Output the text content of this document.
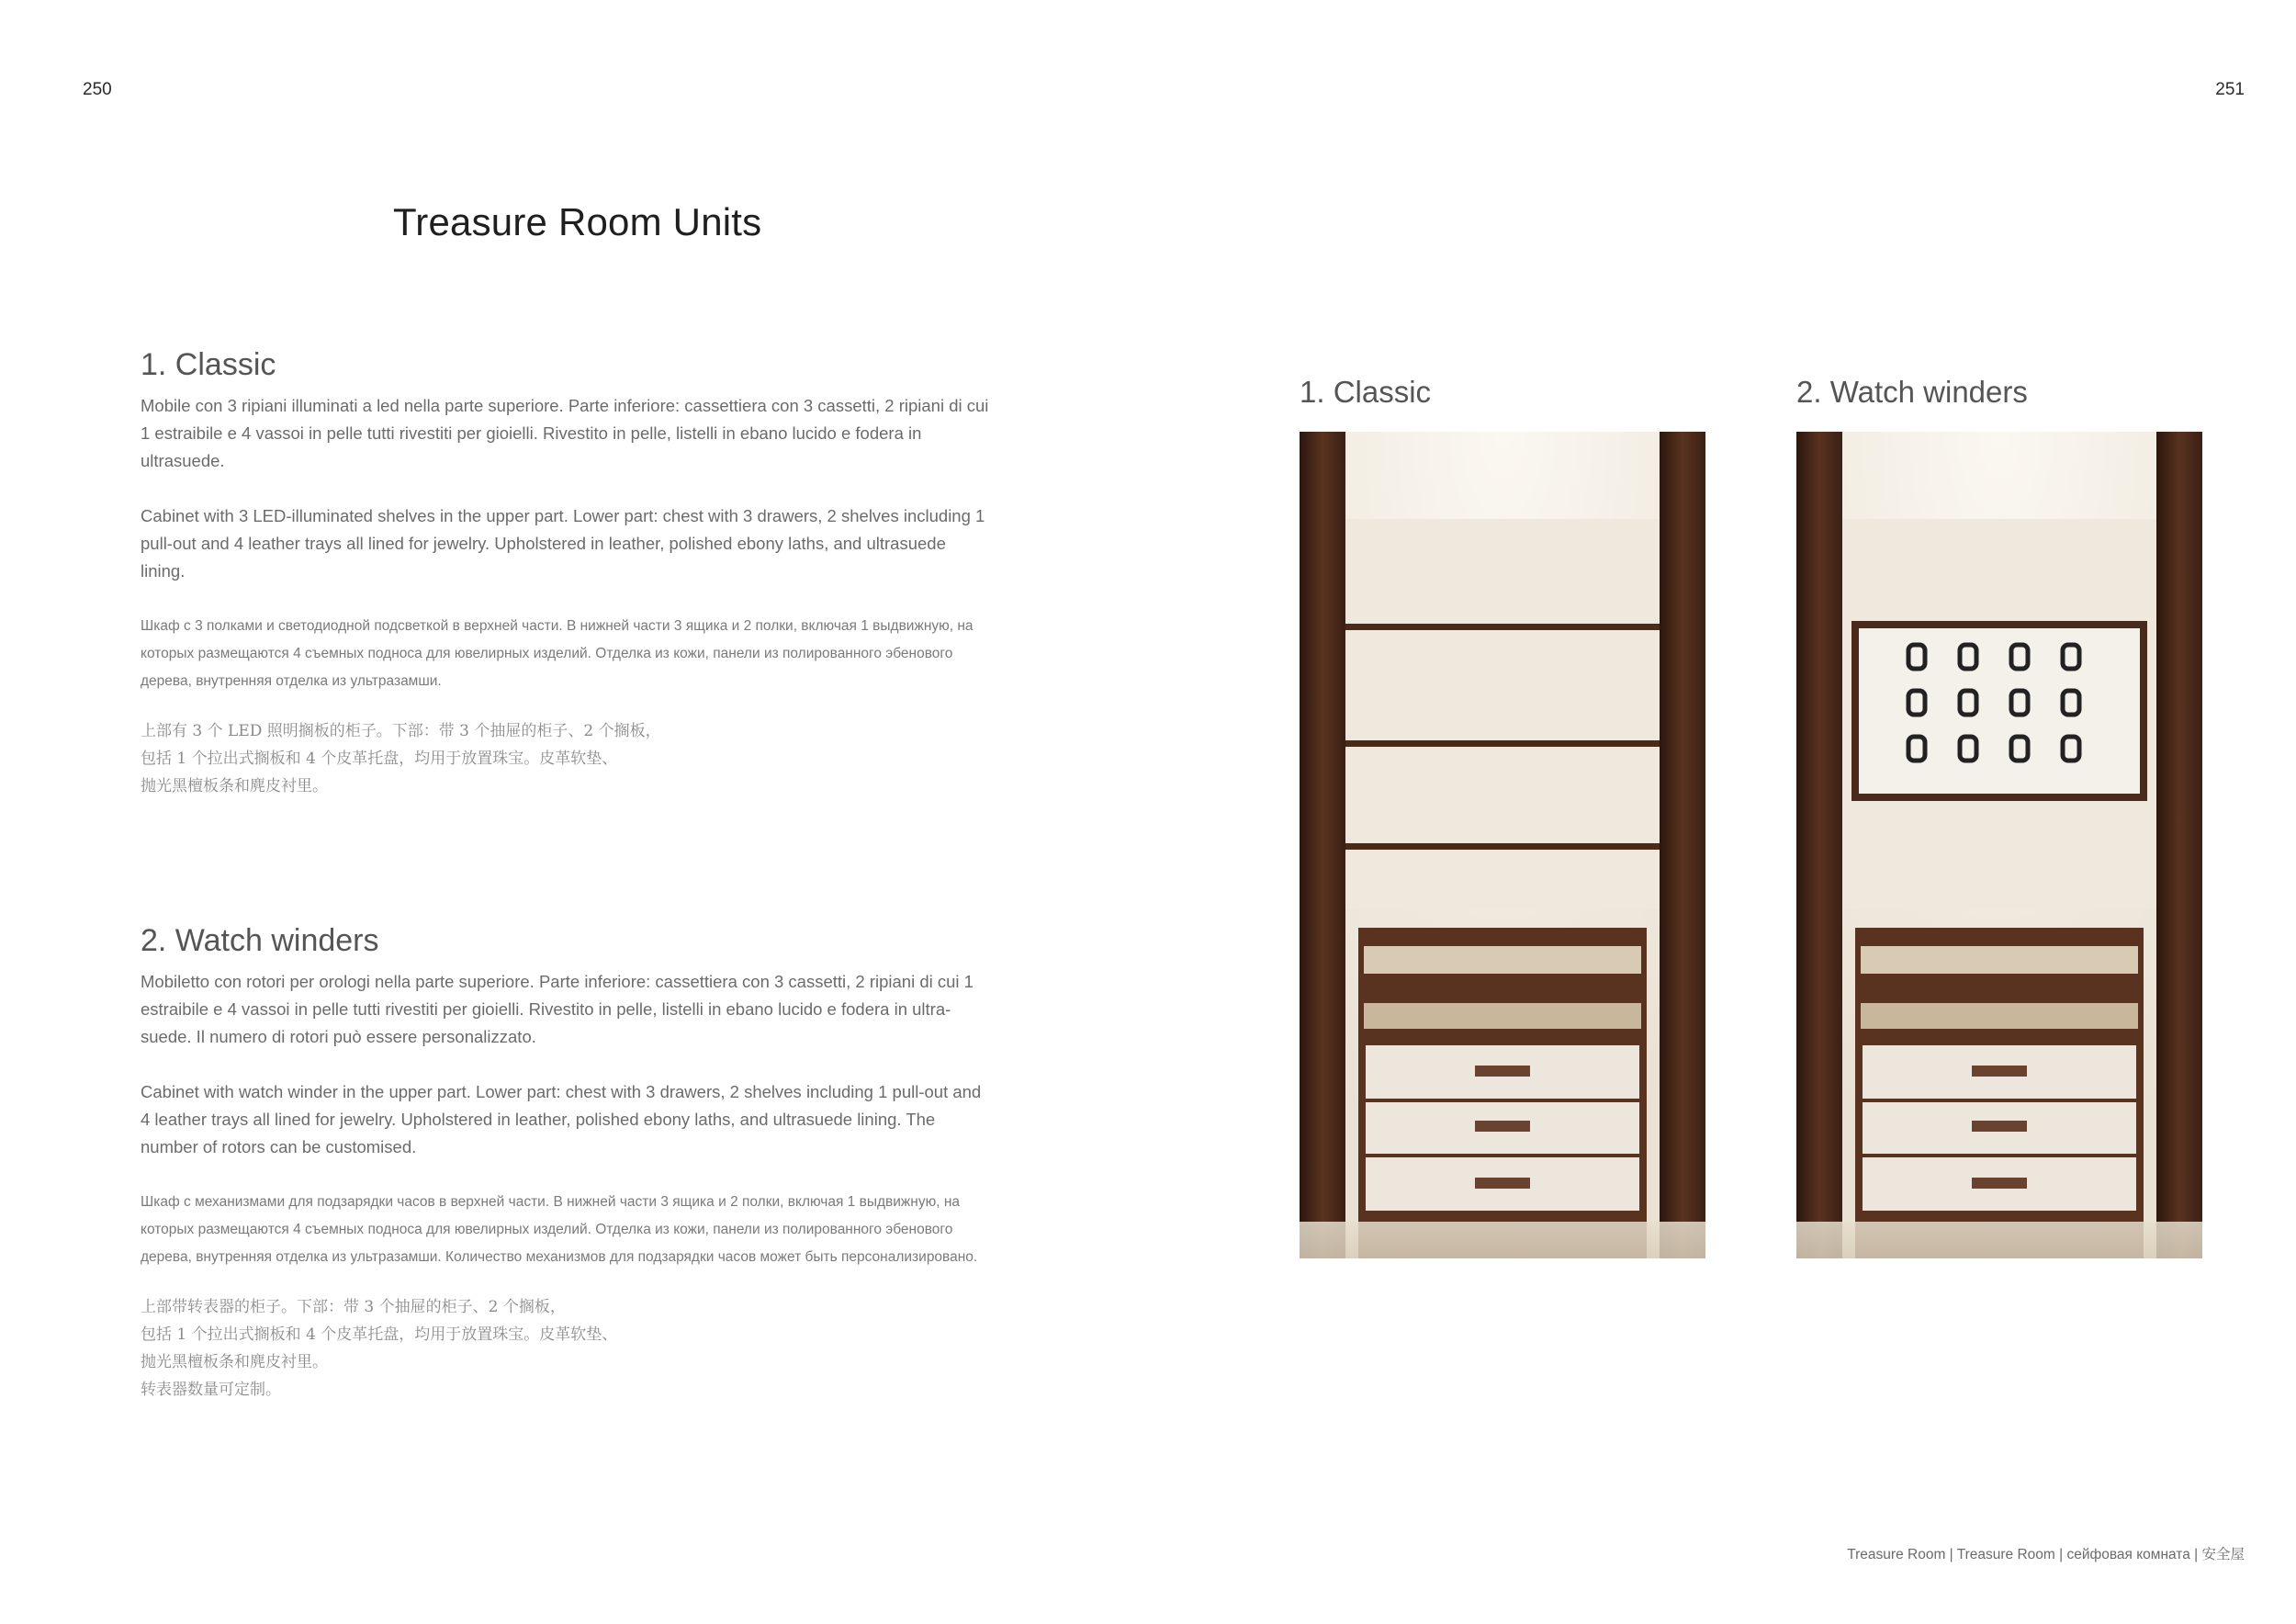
250	251
Treasure Room Units
1. Classic

Mobile con 3 ripiani illuminati a led nella parte superiore. Parte inferiore: cassettiera con 3 cassetti, 2 ripiani di cui 1 estraibile e 4 vassoi in pelle tutti rivestiti per gioielli. Rivestito in pelle, listelli in ebano lucido e fodera in ultrasuede.

Cabinet with 3 LED-illuminated shelves in the upper part. Lower part: chest with 3 drawers, 2 shelves including 1 pull-out and 4 leather trays all lined for jewelry. Upholstered in leather, polished ebony laths, and ultrasuede lining.

Шкаф с 3 полками и светодиодной подсветкой в верхней части. В нижней части 3 ящика и 2 полки, включая 1 выдвижную, на которых размещаются 4 съемных подноса для ювелирных изделий. Отделка из кожи, панели из полированного эбенового дерева, внутренняя отделка из ультразамши.

上部有 3 个 LED 照明搁板的柜子。下部：带 3 个抽屉的柜子、2 个搁板，
包括 1 个拉出式搁板和 4 个皮革托盘，均用于放置珠宝。皮革软垫、
抛光黑檀板条和麂皮衬里。

2. Watch winders

Mobiletto con rotori per orologi nella parte superiore. Parte inferiore: cassettiera con 3 cassetti, 2 ripiani di cui 1 estraibile e 4 vassoi in pelle tutti rivestiti per gioielli. Rivestito in pelle, listelli in ebano lucido e fodera in ultra-suede. Il numero di rotori può essere personalizzato.

Cabinet with watch winder in the upper part. Lower part: chest with 3 drawers, 2 shelves including 1 pull-out and 4 leather trays all lined for jewelry. Upholstered in leather, polished ebony laths, and ultrasuede lining. The number of rotors can be customised.

Шкаф с механизмами для подзарядки часов в верхней части. В нижней части 3 ящика и 2 полки, включая 1 выдвижную, на которых размещаются 4 съемных подноса для ювелирных изделий. Отделка из кожи, панели из полированного эбенового дерева, внутренняя отделка из ультразамши. Количество механизмов для подзарядки часов может быть персонализировано.

上部带转表器的柜子。下部：带 3 个抽屉的柜子、2 个搁板，
包括 1 个拉出式搁板和 4 个皮革托盘，均用于放置珠宝。皮革软垫、
抛光黑檀板条和麂皮衬里。
转表器数量可定制。

1. Classic	2. Watch winders
Treasure Room | Treasure Room | сейфовая комната | 安全屋
